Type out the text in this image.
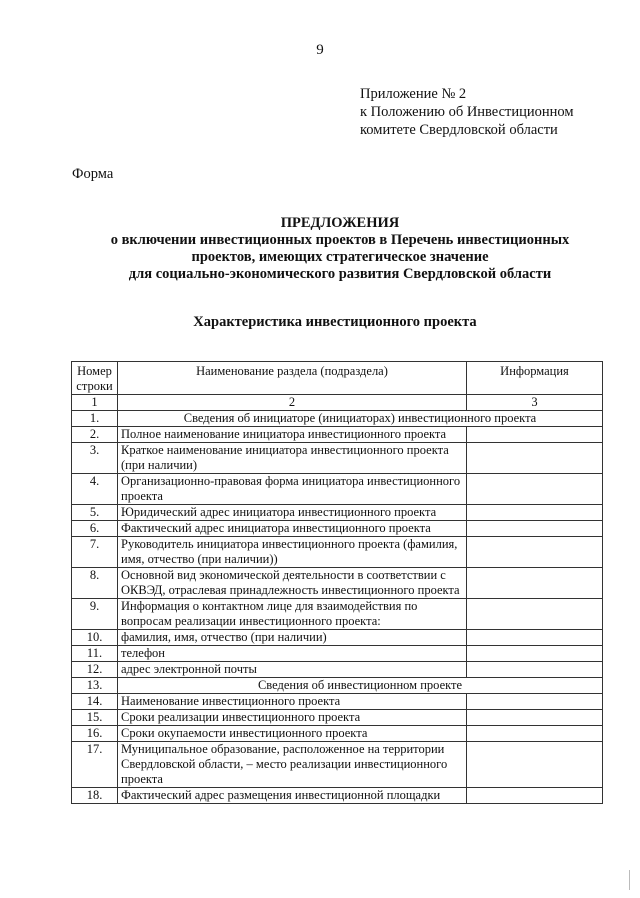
9
Приложение № 2
к Положению об Инвестиционном
комитете Свердловской области
Форма
ПРЕДЛОЖЕНИЯ
о включении инвестиционных проектов в Перечень инвестиционных
проектов, имеющих стратегическое значение
для социально-экономического развития Свердловской области
Характеристика инвестиционного проекта
Номер строки	Наименование раздела (подраздела)	Информация
1	2	3
1.	Сведения об инициаторе (инициаторах) инвестиционного проекта	
2.	Полное наименование инициатора инвестиционного проекта	
3.	Краткое наименование инициатора инвестиционного проекта (при наличии)	
4.	Организационно-правовая форма инициатора инвестиционного проекта	
5.	Юридический адрес инициатора инвестиционного проекта	
6.	Фактический адрес инициатора инвестиционного проекта	
7.	Руководитель инициатора инвестиционного проекта (фамилия, имя, отчество (при наличии))	
8.	Основной вид экономической деятельности в соответствии с ОКВЭД, отраслевая принадлежность инвестиционного проекта	
9.	Информация о контактном лице для взаимодействия по вопросам реализации инвестиционного проекта:	
10.	фамилия, имя, отчество (при наличии)	
11.	телефон	
12.	адрес электронной почты	
13.	Сведения об инвестиционном проекте	
14.	Наименование инвестиционного проекта	
15.	Сроки реализации инвестиционного проекта	
16.	Сроки окупаемости инвестиционного проекта	
17.	Муниципальное образование, расположенное на территории Свердловской области, – место реализации инвестиционного проекта	
18.	Фактический адрес размещения инвестиционной площадки	
